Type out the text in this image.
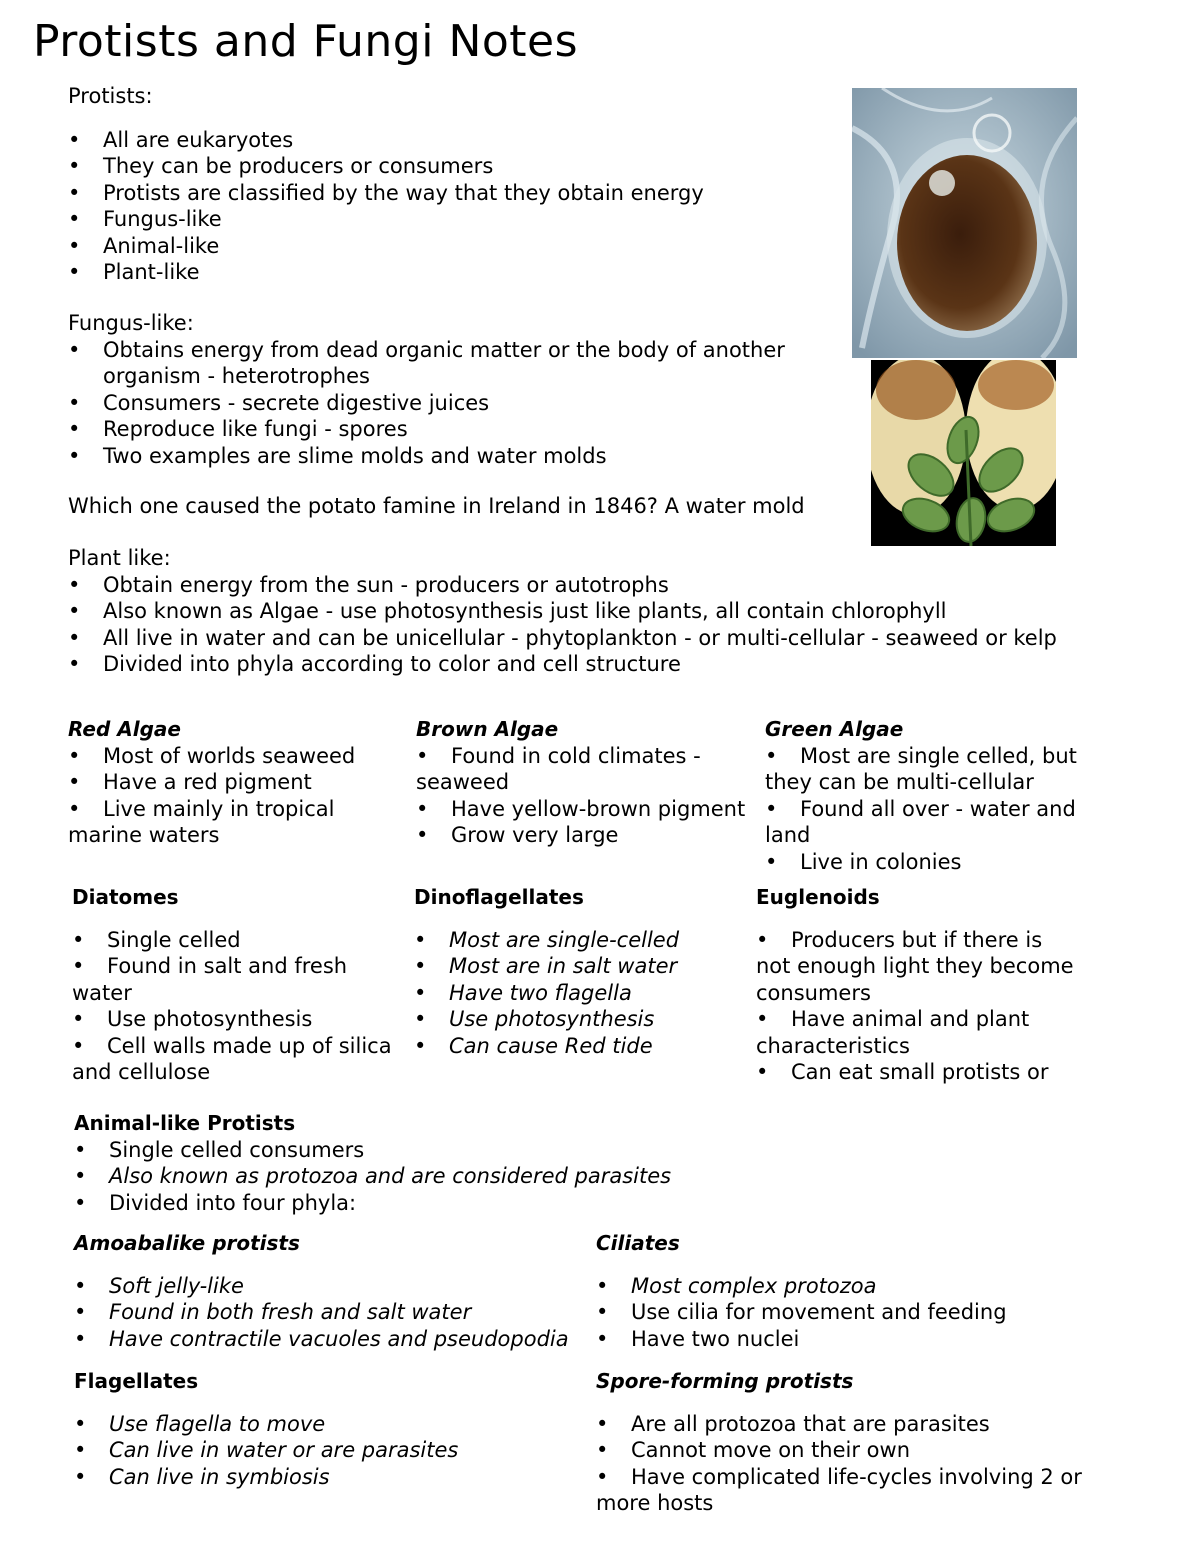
Protists and Fungi Notes
Protists:
• All are eukaryotes
• They can be producers or consumers
• Protists are classified by the way that they obtain energy
• Fungus-like
• Animal-like
• Plant-like
Fungus-like:
• Obtains energy from dead organic matter or the body of another organism - heterotrophes
• Consumers - secrete digestive juices
• Reproduce like fungi - spores
• Two examples are slime molds and water molds
Which one caused the potato famine in Ireland in 1846? A water mold
Plant like:
• Obtain energy from the sun - producers or autotrophs
• Also known as Algae - use photosynthesis just like plants, all contain chlorophyll
• All live in water and can be unicellular - phytoplankton - or multi-cellular - seaweed or kelp
• Divided into phyla according to color and cell structure
Red Algae
• Most of worlds seaweed
• Have a red pigment
• Live mainly in tropical marine waters
Brown Algae
• Found in cold climates - seaweed
• Have yellow-brown pigment
• Grow very large
Green Algae
• Most are single celled, but they can be multi-cellular
• Found all over - water and land
• Live in colonies
Diatomes
• Single celled
• Found in salt and fresh water
• Use photosynthesis
• Cell walls made up of silica and cellulose
Dinoflagellates
• Most are single-celled
• Most are in salt water
• Have two flagella
• Use photosynthesis
• Can cause Red tide
Euglenoids
• Producers but if there is not enough light they become consumers
• Have animal and plant characteristics
• Can eat small protists or
Animal-like Protists
• Single celled consumers
• Also known as protozoa and are considered parasites
• Divided into four phyla:
Amoabalike protists
• Soft jelly-like
• Found in both fresh and salt water
• Have contractile vacuoles and pseudopodia
Ciliates
• Most complex protozoa
• Use cilia for movement and feeding
• Have two nuclei
Flagellates
• Use flagella to move
• Can live in water or are parasites
• Can live in symbiosis
Spore-forming protists
• Are all protozoa that are parasites
• Cannot move on their own
• Have complicated life-cycles involving 2 or more hosts
